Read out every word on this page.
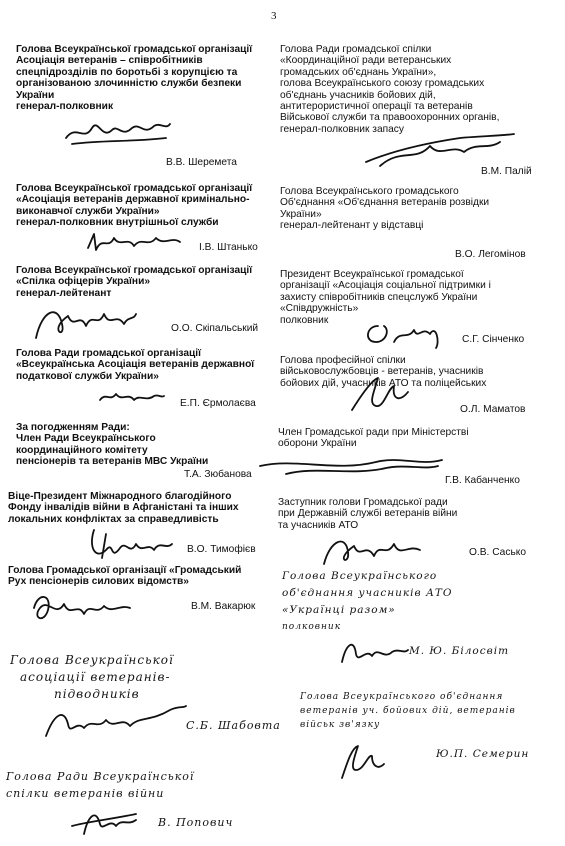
3
Голова Всеукраїнської громадської організації
Асоціація ветеранів – співробітників
спецпідрозділів по боротьбі з корупцією та
організованою злочинністю служби безпеки
України
генерал-полковник
В.В. Шеремета
Голова Всеукраїнської громадської організації
«Асоціація ветеранів державної кримінально-
виконавчої служби України»
генерал-полковник внутрішньої служби
І.В. Штанько
Голова Всеукраїнської громадської організації
«Спілка офіцерів України»
генерал-лейтенант
О.О. Скіпальський
Голова Ради громадської організації
«Всеукраїнська Асоціація ветеранів державної
податкової служби України»
Е.П. Єрмолаєва
За погодженням Ради:
Член Ради Всеукраїнського
координаційного комітету
пенсіонерів та ветеранів МВС України
Т.А. Зюбанова
Віце-Президент Міжнародного благодійного
Фонду інвалідів війни в Афганістані та інших
локальних конфліктах за справедливість
В.О. Тимофієв
Голова Громадської організації «Громадський
Рух пенсіонерів силових відомств»
В.М. Вакарюк
Голова Ради громадської спілки
«Координаційної ради ветеранських
громадських об'єднань України»,
голова Всеукраїнського союзу громадських
об'єднань учасників бойових дій,
антитерористичної операції та ветеранів
Військової служби та правоохоронних органів,
генерал-полковник запасу
В.М. Палій
Голова Всеукраїнського громадського
Об'єднання «Об'єднання ветеранів розвідки
України»
генерал-лейтенант у відставці
В.О. Легомінов
Президент Всеукраїнської громадської
організації «Асоціація соціальної підтримки і
захисту співробітників спецслужб України
«Співдружність»
полковник
С.Г. Сінченко
Голова професійної спілки
військовослужбовців - ветеранів, учасників
бойових дій, учасників АТО та поліцейських
О.Л. Маматов
Член Громадської ради при Міністерстві
оборони України
Г.В. Кабанченко
Заступник голови Громадської ради
при Державній службі ветеранів війни
та учасників АТО
О.В. Сасько
Голова Всеукраїнського
об'єднання учасників АТО
«Українці разом»
полковник
М. Ю. Білосвіт
Голова Всеукраїнського об'єднання
ветеранів уч. бойових дій, ветеранів
військ зв'язку
Ю.П. Семерин
Голова Всеукраїнської
асоціації ветеранів-
підводників
С.Б. Шабовта
Голова Ради Всеукраїнської
спілки ветеранів війни
В. Попович
